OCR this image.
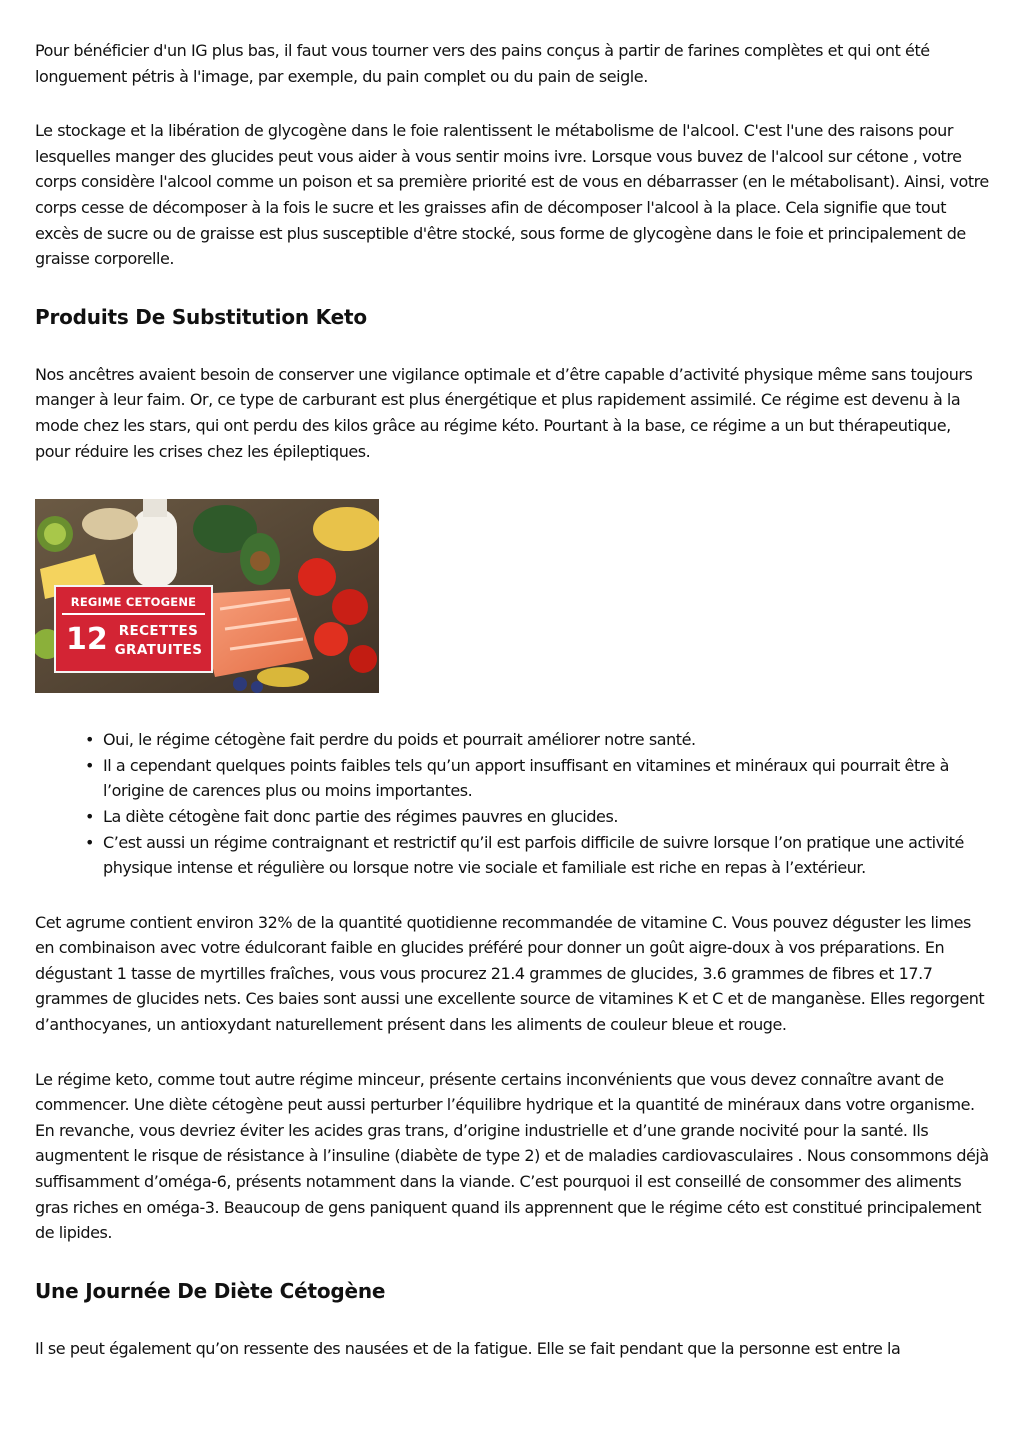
Pour bénéficier d'un IG plus bas, il faut vous tourner vers des pains conçus à partir de farines complètes et qui ont été longuement pétris à l'image, par exemple, du pain complet ou du pain de seigle.

Le stockage et la libération de glycogène dans le foie ralentissent le métabolisme de l'alcool. C'est l'une des raisons pour lesquelles manger des glucides peut vous aider à vous sentir moins ivre. Lorsque vous buvez de l'alcool sur cétone , votre corps considère l'alcool comme un poison et sa première priorité est de vous en débarrasser (en le métabolisant). Ainsi, votre corps cesse de décomposer à la fois le sucre et les graisses afin de décomposer l'alcool à la place. Cela signifie que tout excès de sucre ou de graisse est plus susceptible d'être stocké, sous forme de glycogène dans le foie et principalement de graisse corporelle.

Produits De Substitution Keto

Nos ancêtres avaient besoin de conserver une vigilance optimale et d’être capable d’activité physique même sans toujours manger à leur faim. Or, ce type de carburant est plus énergétique et plus rapidement assimilé. Ce régime est devenu à la mode chez les stars, qui ont perdu des kilos grâce au régime kéto. Pourtant à la base, ce régime a un but thérapeutique, pour réduire les crises chez les épileptiques.

REGIME CETOGENE
12 RECETTES
GRATUITES
• Oui, le régime cétogène fait perdre du poids et pourrait améliorer notre santé.
• Il a cependant quelques points faibles tels qu’un apport insuffisant en vitamines et minéraux qui pourrait être à l’origine de carences plus ou moins importantes.
• La diète cétogène fait donc partie des régimes pauvres en glucides.
• C’est aussi un régime contraignant et restrictif qu’il est parfois difficile de suivre lorsque l’on pratique une activité physique intense et régulière ou lorsque notre vie sociale et familiale est riche en repas à l’extérieur.

Cet agrume contient environ 32% de la quantité quotidienne recommandée de vitamine C. Vous pouvez déguster les limes en combinaison avec votre édulcorant faible en glucides préféré pour donner un goût aigre-doux à vos préparations. En dégustant 1 tasse de myrtilles fraîches, vous vous procurez 21.4 grammes de glucides, 3.6 grammes de fibres et 17.7 grammes de glucides nets. Ces baies sont aussi une excellente source de vitamines K et C et de manganèse. Elles regorgent d’anthocyanes, un antioxydant naturellement présent dans les aliments de couleur bleue et rouge.

Le régime keto, comme tout autre régime minceur, présente certains inconvénients que vous devez connaître avant de commencer. Une diète cétogène peut aussi perturber l’équilibre hydrique et la quantité de minéraux dans votre organisme. En revanche, vous devriez éviter les acides gras trans, d’origine industrielle et d’une grande nocivité pour la santé. Ils augmentent le risque de résistance à l’insuline (diabète de type 2) et de maladies cardiovasculaires . Nous consommons déjà suffisamment d’oméga-6, présents notamment dans la viande. C’est pourquoi il est conseillé de consommer des aliments gras riches en oméga-3. Beaucoup de gens paniquent quand ils apprennent que le régime céto est constitué principalement de lipides.

Une Journée De Diète Cétogène

Il se peut également qu’on ressente des nausées et de la fatigue. Elle se fait pendant que la personne est entre la
